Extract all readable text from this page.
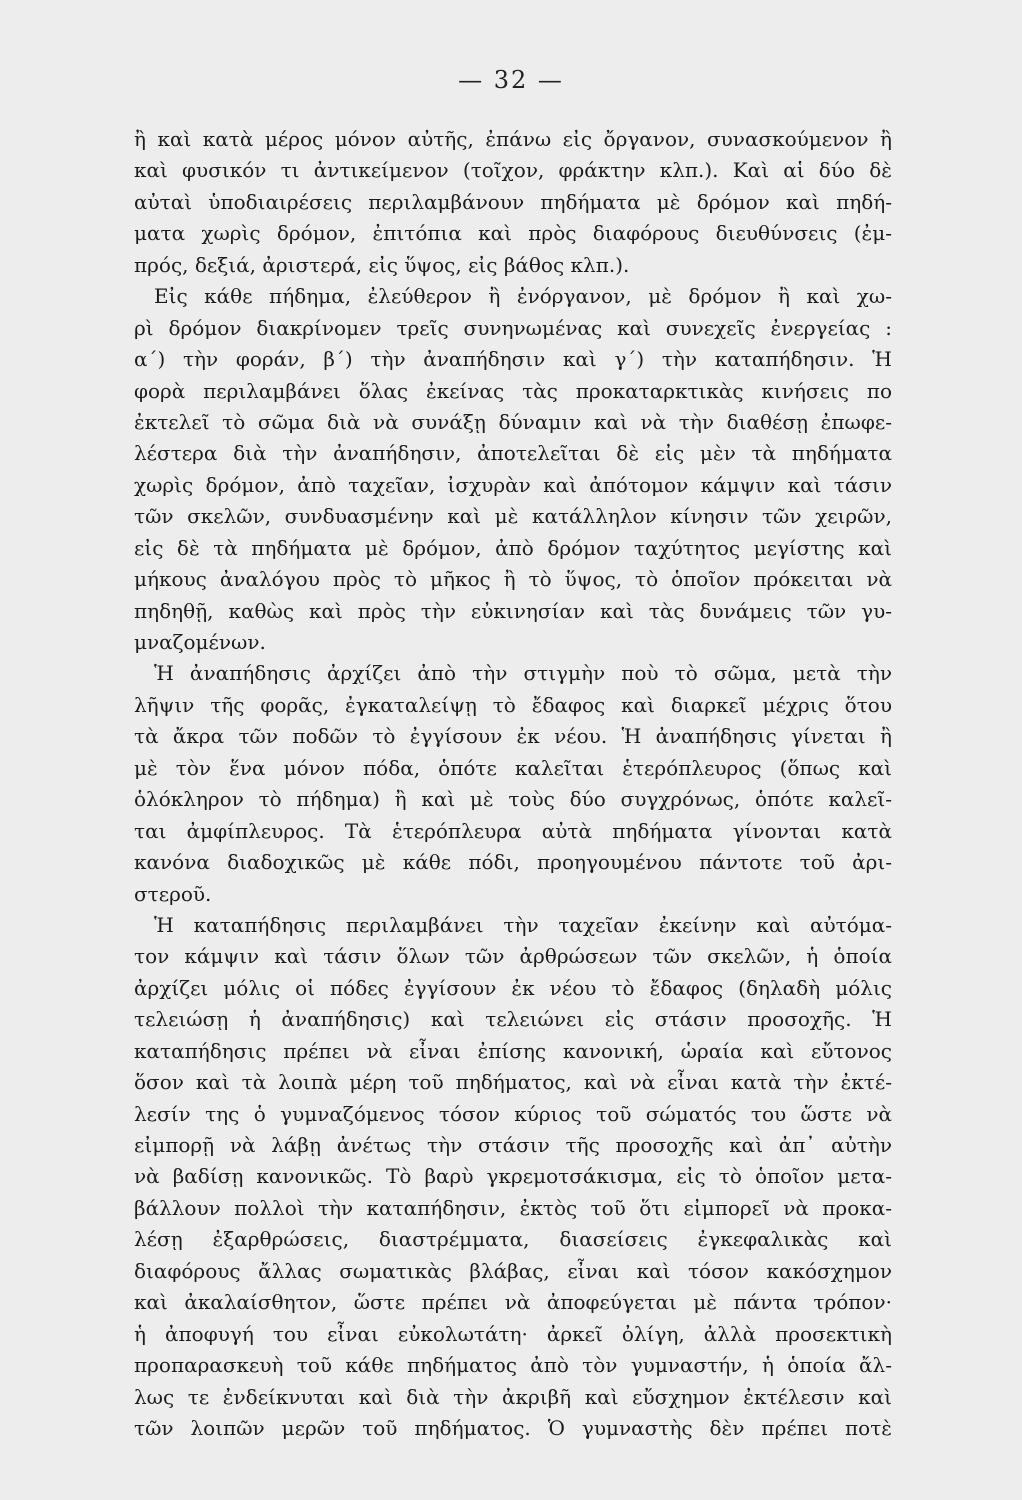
— 32 —
ἢ καὶ κατὰ μέρος μόνον αὐτῆς, ἐπάνω εἰς ὄργανον, συνασκούμενον ἢ
καὶ φυσικόν τι ἀντικείμενον (τοῖχον, φράκτην κλπ.). Καὶ αἱ δύο δὲ
αὐταὶ ὑποδιαιρέσεις περιλαμβάνουν πηδήματα μὲ δρόμον καὶ πηδή-
ματα χωρὶς δρόμον, ἐπιτόπια καὶ πρὸς διαφόρους διευθύνσεις (ἐμ-
πρός, δεξιά, ἀριστερά, εἰς ὕψος, εἰς βάθος κλπ.).
Εἰς κάθε πήδημα, ἐλεύθερον ἢ ἐνόργανον, μὲ δρόμον ἢ καὶ χω-
ρὶ δρόμον διακρίνομεν τρεῖς συνηνωμένας καὶ συνεχεῖς ἐνεργείας :
α΄) τὴν φοράν, β΄) τὴν ἀναπήδησιν καὶ γ΄) τὴν καταπήδησιν. Ἡ
φορὰ περιλαμβάνει ὅλας ἐκείνας τὰς προκαταρκτικὰς κινήσεις πο
ἐκτελεῖ τὸ σῶμα διὰ νὰ συνάξῃ δύναμιν καὶ νὰ τὴν διαθέσῃ ἐπωφε-
λέστερα διὰ τὴν ἀναπήδησιν, ἀποτελεῖται δὲ εἰς μὲν τὰ πηδήματα
χωρὶς δρόμον, ἀπὸ ταχεῖαν, ἰσχυρὰν καὶ ἀπότομον κάμψιν καὶ τάσιν
τῶν σκελῶν, συνδυασμένην καὶ μὲ κατάλληλον κίνησιν τῶν χειρῶν,
εἰς δὲ τὰ πηδήματα μὲ δρόμον, ἀπὸ δρόμον ταχύτητος μεγίστης καὶ
μήκους ἀναλόγου πρὸς τὸ μῆκος ἢ τὸ ὕψος, τὸ ὁποῖον πρόκειται νὰ
πηδηθῇ, καθὼς καὶ πρὸς τὴν εὐκινησίαν καὶ τὰς δυνάμεις τῶν γυ-
μναζομένων.
Ἡ ἀναπήδησις ἀρχίζει ἀπὸ τὴν στιγμὴν ποὺ τὸ σῶμα, μετὰ τὴν
λῆψιν τῆς φορᾶς, ἐγκαταλείψῃ τὸ ἔδαφος καὶ διαρκεῖ μέχρις ὅτου
τὰ ἄκρα τῶν ποδῶν τὸ ἐγγίσουν ἐκ νέου. Ἡ ἀναπήδησις γίνεται ἢ
μὲ τὸν ἕνα μόνον πόδα, ὁπότε καλεῖται ἑτερόπλευρος (ὅπως καὶ
ὁλόκληρον τὸ πήδημα) ἢ καὶ μὲ τοὺς δύο συγχρόνως, ὁπότε καλεῖ-
ται ἀμφίπλευρος. Τὰ ἑτερόπλευρα αὐτὰ πηδήματα γίνονται κατὰ
κανόνα διαδοχικῶς μὲ κάθε πόδι, προηγουμένου πάντοτε τοῦ ἀρι-
στεροῦ.
Ἡ καταπήδησις περιλαμβάνει τὴν ταχεῖαν ἐκείνην καὶ αὐτόμα-
τον κάμψιν καὶ τάσιν ὅλων τῶν ἀρθρώσεων τῶν σκελῶν, ἡ ὁποία
ἀρχίζει μόλις οἱ πόδες ἐγγίσουν ἐκ νέου τὸ ἔδαφος (δηλαδὴ μόλις
τελειώσῃ ἡ ἀναπήδησις) καὶ τελειώνει εἰς στάσιν προσοχῆς. Ἡ
καταπήδησις πρέπει νὰ εἶναι ἐπίσης κανονική, ὡραία καὶ εὔτονος
ὅσον καὶ τὰ λοιπὰ μέρη τοῦ πηδήματος, καὶ νὰ εἶναι κατὰ τὴν ἐκτέ-
λεσίν της ὁ γυμναζόμενος τόσον κύριος τοῦ σώματός του ὥστε νὰ
εἰμπορῇ νὰ λάβῃ ἀνέτως τὴν στάσιν τῆς προσοχῆς καὶ ἀπ᾿ αὐτὴν
νὰ βαδίσῃ κανονικῶς. Τὸ βαρὺ γκρεμοτσάκισμα, εἰς τὸ ὁποῖον μετα-
βάλλουν πολλοὶ τὴν καταπήδησιν, ἐκτὸς τοῦ ὅτι εἰμπορεῖ νὰ προκα-
λέσῃ ἐξαρθρώσεις, διαστρέμματα, διασείσεις ἐγκεφαλικὰς καὶ
διαφόρους ἄλλας σωματικὰς βλάβας, εἶναι καὶ τόσον κακόσχημον
καὶ ἀκαλαίσθητον, ὥστε πρέπει νὰ ἀποφεύγεται μὲ πάντα τρόπον·
ἡ ἀποφυγή του εἶναι εὐκολωτάτη· ἀρκεῖ ὀλίγη, ἀλλὰ προσεκτικὴ
προπαρασκευὴ τοῦ κάθε πηδήματος ἀπὸ τὸν γυμναστήν, ἡ ὁποία ἄλ-
λως τε ἐνδείκνυται καὶ διὰ τὴν ἀκριβῆ καὶ εὔσχημον ἐκτέλεσιν καὶ
τῶν λοιπῶν μερῶν τοῦ πηδήματος. Ὁ γυμναστὴς δὲν πρέπει ποτὲ
